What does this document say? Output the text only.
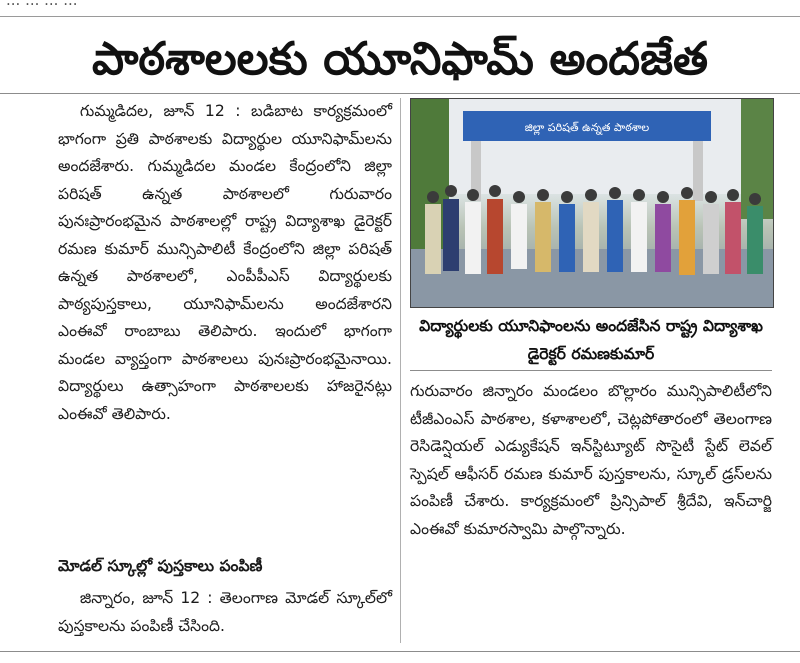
... ... ... ...
పాఠశాలలకు యూనిఫామ్ అందజేత

గుమ్మడిదల, జూన్ 12 : బడిబాట కార్యక్రమంలో భాగంగా ప్రతి పాఠశాలకు విద్యార్థుల యూనిఫామ్‌లను అందజేశారు. గుమ్మడిదల మండల కేంద్రంలోని జిల్లా పరిషత్ ఉన్నత పాఠశాలలో గురువారం పునఃప్రారంభమైన పాఠశాలల్లో రాష్ట్ర విద్యాశాఖ డైరెక్టర్ రమణ కుమార్ మున్సిపాలిటీ కేంద్రంలోని జిల్లా పరిషత్ ఉన్నత పాఠశాలలో, ఎంపీపీఎస్ విద్యార్థులకు పాఠ్యపుస్తకాలు, యూనిఫామ్‌లను అందజేశారని ఎంఈవో రాంబాబు తెలిపారు. ఇందులో భాగంగా మండల వ్యాప్తంగా పాఠశాలలు పునఃప్రారంభమైనాయి. విద్యార్థులు ఉత్సాహంగా పాఠశాలలకు హాజరైనట్లు ఎంఈవో తెలిపారు.

మోడల్ స్కూల్లో పుస్తకాలు పంపిణీ

జిన్నారం, జూన్ 12 : తెలంగాణ మోడల్ స్కూల్‌లో పుస్తకాలను పంపిణీ చేసింది.

జిల్లా పరిషత్ ఉన్నత పాఠశాల
విద్యార్థులకు యూనిఫాంలను అందజేసిన రాష్ట్ర విద్యాశాఖ డైరెక్టర్ రమణకుమార్

గురువారం జిన్నారం మండలం బొల్లారం మున్సిపాలిటీలోని టీజీఎంఎస్ పాఠశాల, కళాశాలలో, చెట్లపోతారంలో తెలంగాణ రెసిడెన్షియల్ ఎడ్యుకేషన్ ఇన్‌స్టిట్యూట్ సొసైటీ స్టేట్ లెవల్ స్పెషల్ ఆఫీసర్ రమణ కుమార్ పుస్తకాలను, స్కూల్ డ్రస్‌లను పంపిణీ చేశారు. కార్యక్రమంలో ప్రిన్సిపాల్ శ్రీదేవి, ఇన్‌చార్జి ఎంఈవో కుమారస్వామి పాల్గొన్నారు.
